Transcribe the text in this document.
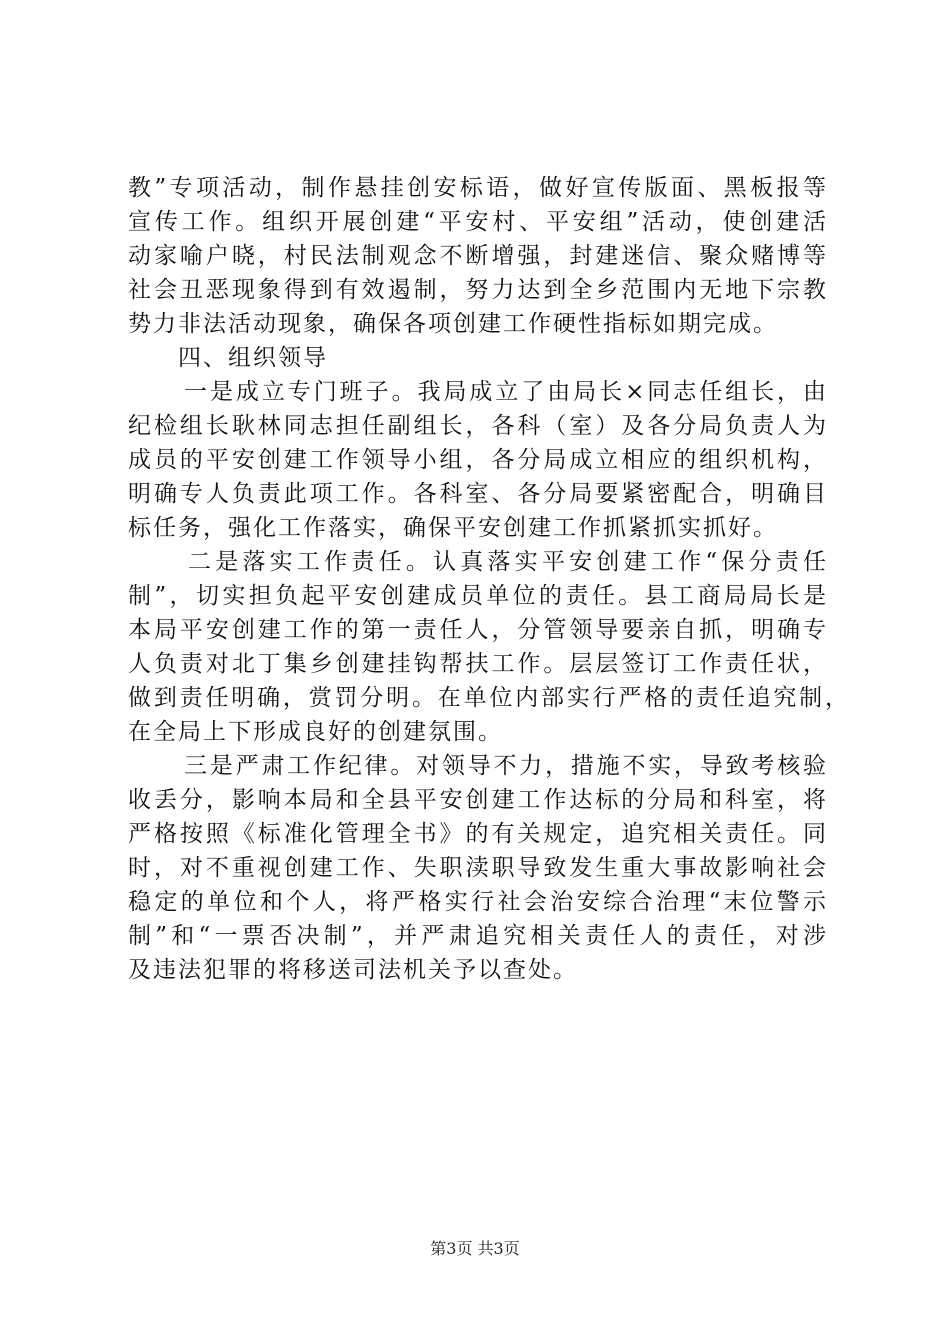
教”专项活动，制作悬挂创安标语，做好宣传版面、黑板报等
宣传工作。组织开展创建“平安村、平安组”活动，使创建活
动家喻户晓，村民法制观念不断增强，封建迷信、聚众赌博等
社会丑恶现象得到有效遏制，努力达到全乡范围内无地下宗教
势力非法活动现象，确保各项创建工作硬性指标如期完成。
四、组织领导
一是成立专门班子。我局成立了由局长×同志任组长，由
纪检组长耿林同志担任副组长，各科（室）及各分局负责人为
成员的平安创建工作领导小组，各分局成立相应的组织机构，
明确专人负责此项工作。各科室、各分局要紧密配合，明确目
标任务，强化工作落实，确保平安创建工作抓紧抓实抓好。
二是落实工作责任。认真落实平安创建工作“保分责任
制”，切实担负起平安创建成员单位的责任。县工商局局长是
本局平安创建工作的第一责任人，分管领导要亲自抓，明确专
人负责对北丁集乡创建挂钩帮扶工作。层层签订工作责任状，
做到责任明确，赏罚分明。在单位内部实行严格的责任追究制，
在全局上下形成良好的创建氛围。
三是严肃工作纪律。对领导不力，措施不实，导致考核验
收丢分，影响本局和全县平安创建工作达标的分局和科室，将
严格按照《标准化管理全书》的有关规定，追究相关责任。同
时，对不重视创建工作、失职渎职导致发生重大事故影响社会
稳定的单位和个人，将严格实行社会治安综合治理“末位警示
制”和“一票否决制”，并严肃追究相关责任人的责任，对涉
及违法犯罪的将移送司法机关予以查处。
第3页 共3页
